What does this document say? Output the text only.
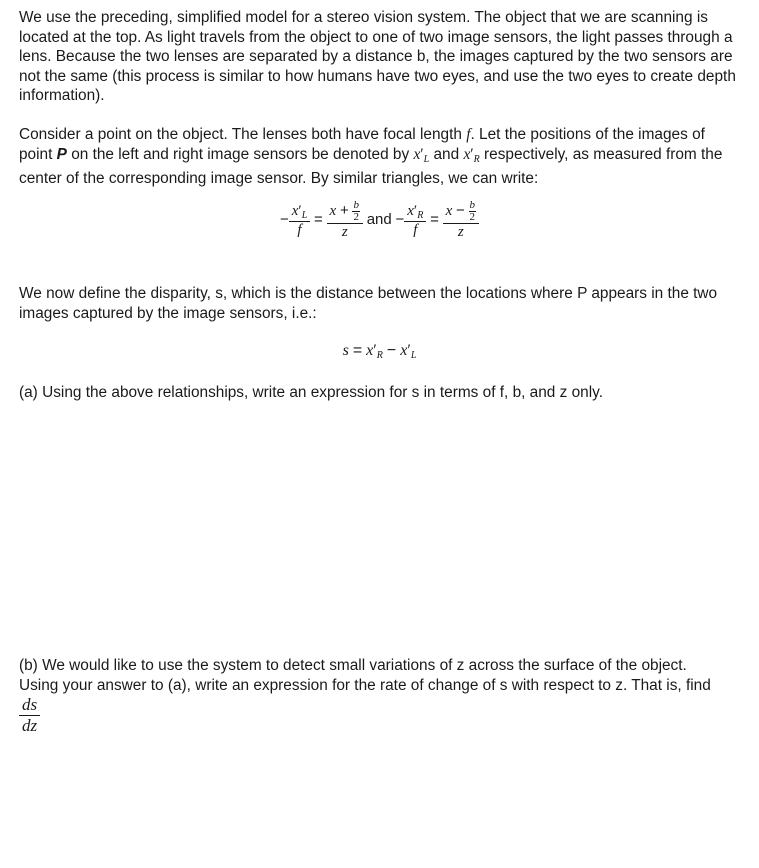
We use the preceding, simplified model for a stereo vision system. The object that we are scanning is located at the top. As light travels from the object to one of two image sensors, the light passes through a lens. Because the two lenses are separated by a distance b, the images captured by the two sensors are not the same (this process is similar to how humans have two eyes, and use the two eyes to create depth information).

Consider a point on the object. The lenses both have focal length f. Let the positions of the images of point P on the left and right image sensors be denoted by $x'_L$ and $x'_R$ respectively, as measured from the center of the corresponding image sensor. By similar triangles, we can write:

− $\frac{x'_L}{f} = \frac{x + \frac{b}{2}}{z}$ and − $\frac{x'_R}{f} = \frac{x - \frac{b}{2}}{z}$

We now define the disparity, s, which is the distance between the locations where P appears in the two images captured by the image sensors, i.e.:

$s = x'_R - x'_L$

(a) Using the above relationships, write an expression for s in terms of f, b, and z only.

(b) We would like to use the system to detect small variations of z across the surface of the object. Using your answer to (a), write an expression for the rate of change of s with respect to z. That is, find
$\frac{ds}{dz}$
